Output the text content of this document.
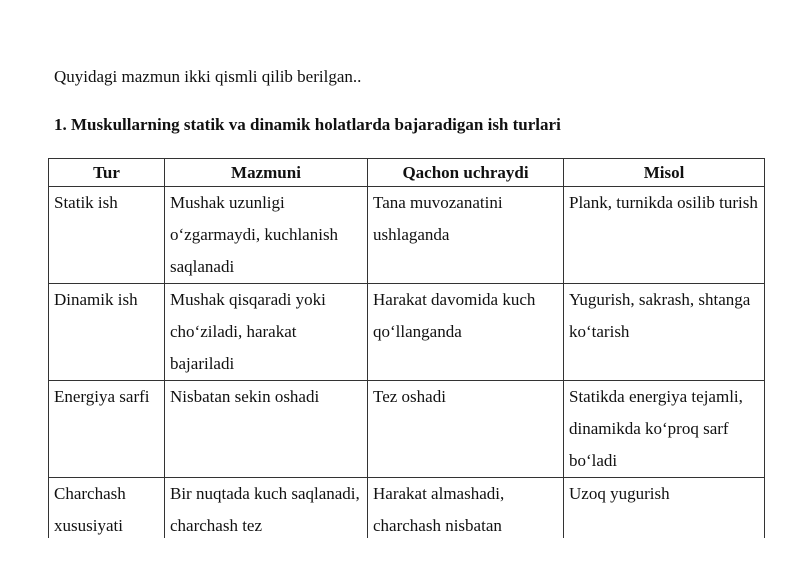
Quyidagi mazmun ikki qismli qilib berilgan..

1. Muskullarning statik va dinamik holatlarda bajaradigan ish turlari

Tur	Mazmuni	Qachon uchraydi	Misol
Statik ish	Mushak uzunligi o‘zgarmaydi, kuchlanish saqlanadi	Tana muvozanatini ushlaganda	Plank, turnikda osilib turish
Dinamik ish	Mushak qisqaradi yoki cho‘ziladi, harakat bajariladi	Harakat davomida kuch qo‘llanganda	Yugurish, sakrash, shtanga ko‘tarish
Energiya sarfi	Nisbatan sekin oshadi	Tez oshadi	Statikda energiya tejamli, dinamikda ko‘proq sarf bo‘ladi
Charchash xususiyati	Bir nuqtada kuch saqlanadi, charchash tez	Harakat almashadi, charchash nisbatan	Uzoq yugurish
